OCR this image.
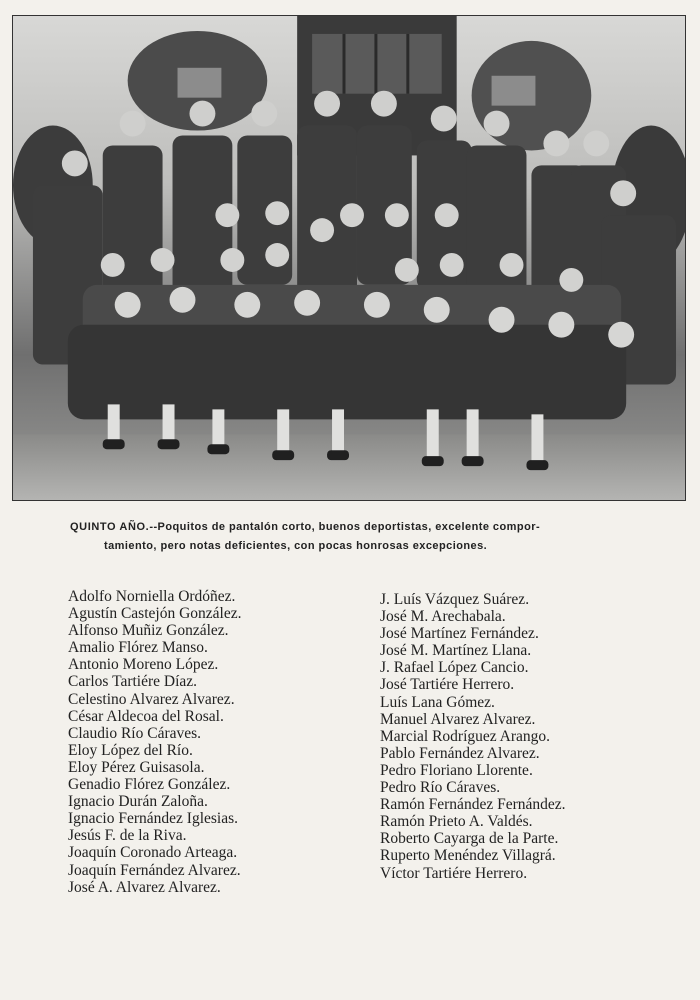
QUINTO AÑO.--Poquitos de pantalón corto, buenos deportistas, excelente compor-
tamiento, pero notas deficientes, con pocas honrosas excepciones.
Adolfo Norniella Ordóñez.
Agustín Castejón González.
Alfonso Muñiz González.
Amalio Flórez Manso.
Antonio Moreno López.
Carlos Tartiére Díaz.
Celestino Alvarez Alvarez.
César Aldecoa del Rosal.
Claudio Río Cáraves.
Eloy López del Río.
Eloy Pérez Guisasola.
Genadio Flórez González.
Ignacio Durán Zaloña.
Ignacio Fernández Iglesias.
Jesús F. de la Riva.
Joaquín Coronado Arteaga.
Joaquín Fernández Alvarez.
José A. Alvarez Alvarez.
J. Luís Vázquez Suárez.
José M. Arechabala.
José Martínez Fernández.
José M. Martínez Llana.
J. Rafael López Cancio.
José Tartiére Herrero.
Luís Lana Gómez.
Manuel Alvarez Alvarez.
Marcial Rodríguez Arango.
Pablo Fernández Alvarez.
Pedro Floriano Llorente.
Pedro Río Cáraves.
Ramón Fernández Fernández.
Ramón Prieto A. Valdés.
Roberto Cayarga de la Parte.
Ruperto Menéndez Villagrá.
Víctor Tartiére Herrero.
